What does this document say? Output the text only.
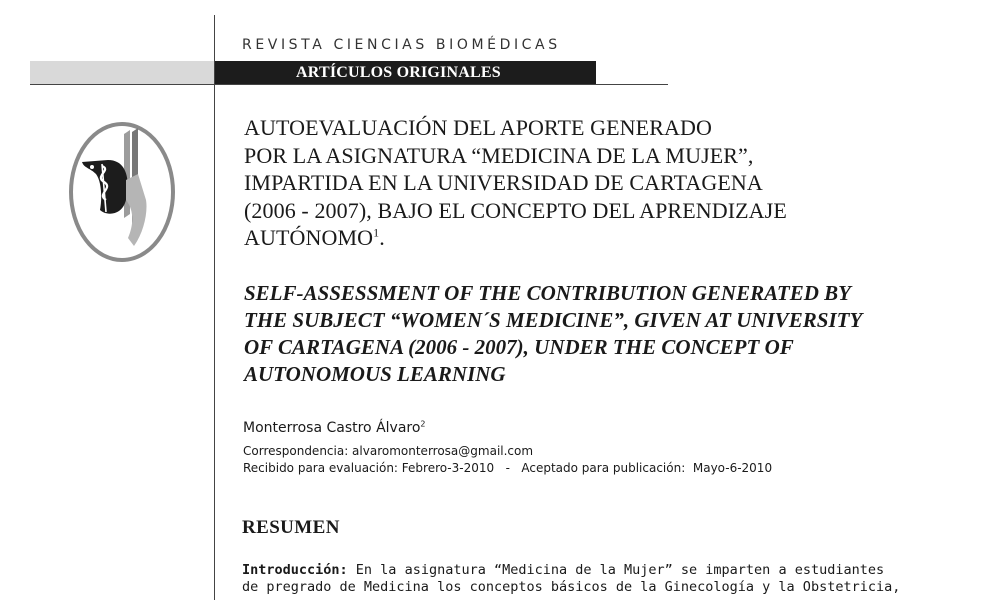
ARTÍCULOS ORIGINALES
REVISTA CIENCIAS BIOMÉDICAS
AUTOEVALUACIÓN DEL APORTE GENERADO
POR LA ASIGNATURA “MEDICINA DE LA MUJER”,
IMPARTIDA EN LA UNIVERSIDAD DE CARTAGENA
(2006 - 2007), BAJO EL CONCEPTO DEL APRENDIZAJE
AUTÓNOMO$^1$.
SELF-ASSESSMENT OF THE CONTRIBUTION GENERATED BY
THE SUBJECT “WOMEN´S MEDICINE”, GIVEN AT UNIVERSITY
OF CARTAGENA (2006 - 2007), UNDER THE CONCEPT OF
AUTONOMOUS LEARNING
Monterrosa Castro Álvaro$^2$
Correspondencia: alvaromonterrosa@gmail.com
Recibido para evaluación: Febrero-3-2010   -   Aceptado para publicación:  Mayo-6-2010
RESUMEN

Introducción: En la asignatura “Medicina de la Mujer” se imparten a estudiantes
de pregrado de Medicina los conceptos básicos de la Ginecología y la Obstetricia,
